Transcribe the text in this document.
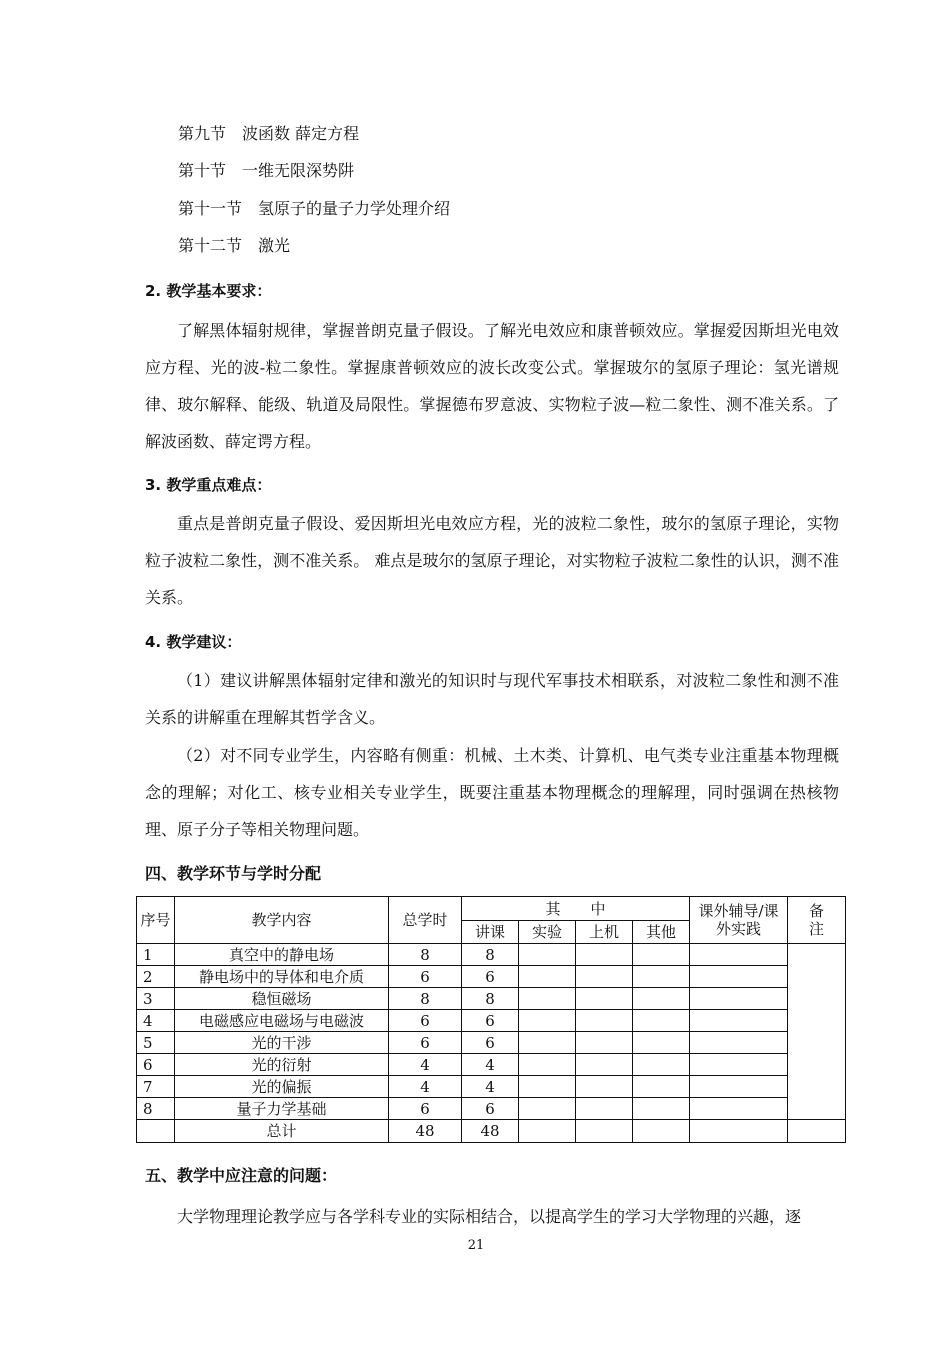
第九节　波函数 薛定方程
第十节　一维无限深势阱
第十一节　氢原子的量子力学处理介绍
第十二节　激光
2. 教学基本要求：

了解黑体辐射规律，掌握普朗克量子假设。了解光电效应和康普顿效应。掌握爱因斯坦光电效应方程、光的波-粒二象性。掌握康普顿效应的波长改变公式。掌握玻尔的氢原子理论：氢光谱规律、玻尔解释、能级、轨道及局限性。掌握德布罗意波、实物粒子波—粒二象性、测不准关系。了解波函数、薛定谔方程。

3. 教学重点难点：

重点是普朗克量子假设、爱因斯坦光电效应方程，光的波粒二象性，玻尔的氢原子理论，实物粒子波粒二象性，测不准关系。 难点是玻尔的氢原子理论，对实物粒子波粒二象性的认识，测不准关系。

4. 教学建议：

（1）建议讲解黑体辐射定律和激光的知识时与现代军事技术相联系，对波粒二象性和测不准关系的讲解重在理解其哲学含义。

（2）对不同专业学生，内容略有侧重：机械、土木类、计算机、电气类专业注重基本物理概念的理解；对化工、核专业相关专业学生，既要注重基本物理概念的理解理，同时强调在热核物理、原子分子等相关物理问题。

四、教学环节与学时分配
序号	教学内容	总学时	其　　中				课外辅导/课外实践	备注
			讲课	实验	上机	其他		
1	真空中的静电场	8	8					
2	静电场中的导体和电介质	6	6					
3	稳恒磁场	8	8					
4	电磁感应电磁场与电磁波	6	6					
5	光的干涉	6	6					
6	光的衍射	4	4					
7	光的偏振	4	4					
8	量子力学基础	6	6					
	总计	48	48					
五、教学中应注意的问题：
大学物理理论教学应与各学科专业的实际相结合，以提高学生的学习大学物理的兴趣，逐
21
